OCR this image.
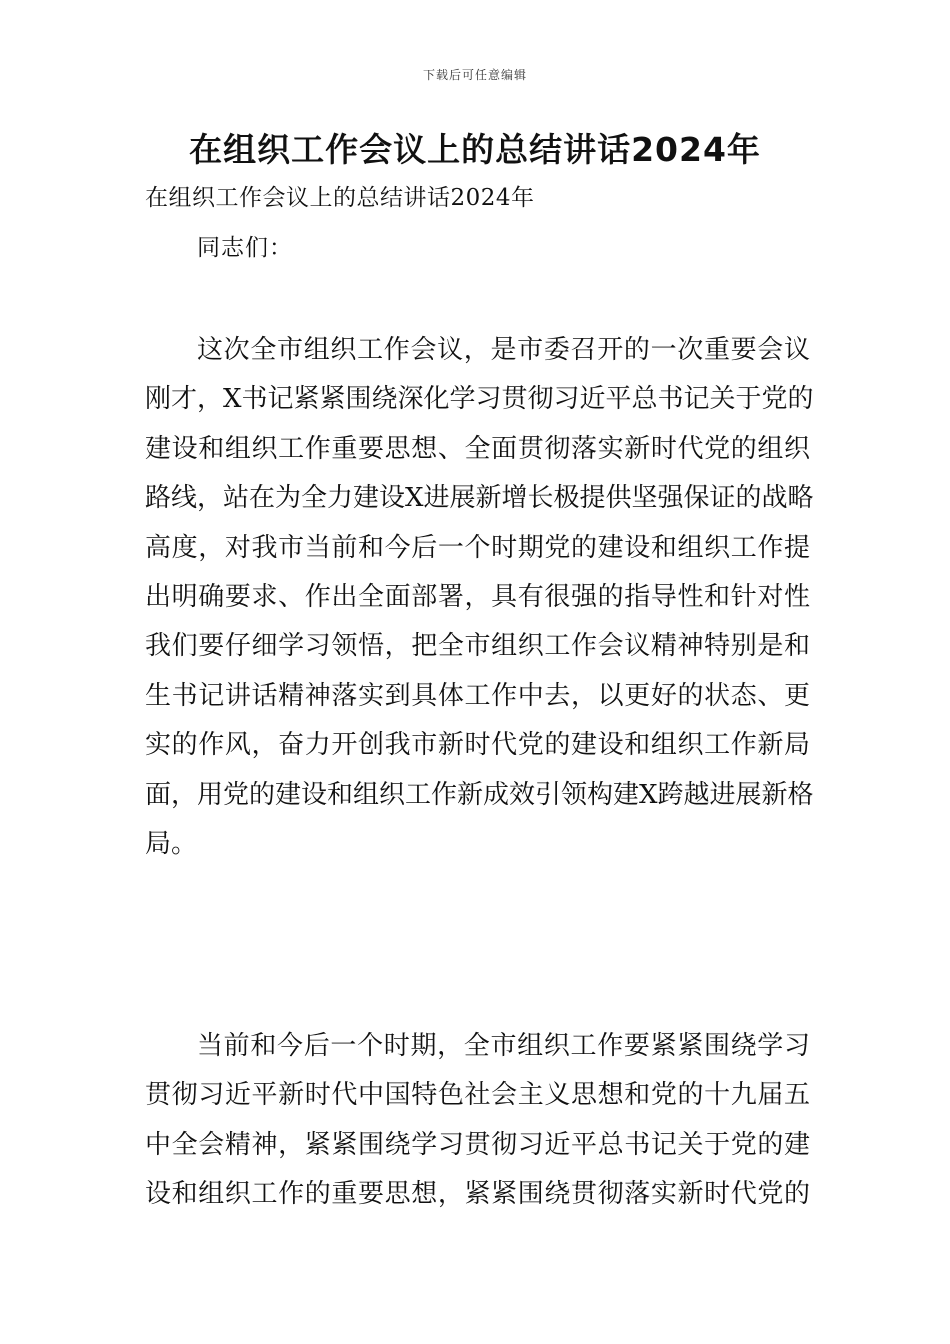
下载后可任意编辑
在组织工作会议上的总结讲话2024年
在组织工作会议上的总结讲话2024年
同志们：
这次全市组织工作会议，是市委召开的一次重要会议
刚才，X书记紧紧围绕深化学习贯彻习近平总书记关于党的
建设和组织工作重要思想、全面贯彻落实新时代党的组织
路线，站在为全力建设X进展新增长极提供坚强保证的战略
高度，对我市当前和今后一个时期党的建设和组织工作提
出明确要求、作出全面部署，具有很强的指导性和针对性
我们要仔细学习领悟，把全市组织工作会议精神特别是和
生书记讲话精神落实到具体工作中去，以更好的状态、更
实的作风，奋力开创我市新时代党的建设和组织工作新局
面，用党的建设和组织工作新成效引领构建X跨越进展新格
局。
当前和今后一个时期，全市组织工作要紧紧围绕学习
贯彻习近平新时代中国特色社会主义思想和党的十九届五
中全会精神，紧紧围绕学习贯彻习近平总书记关于党的建
设和组织工作的重要思想，紧紧围绕贯彻落实新时代党的
